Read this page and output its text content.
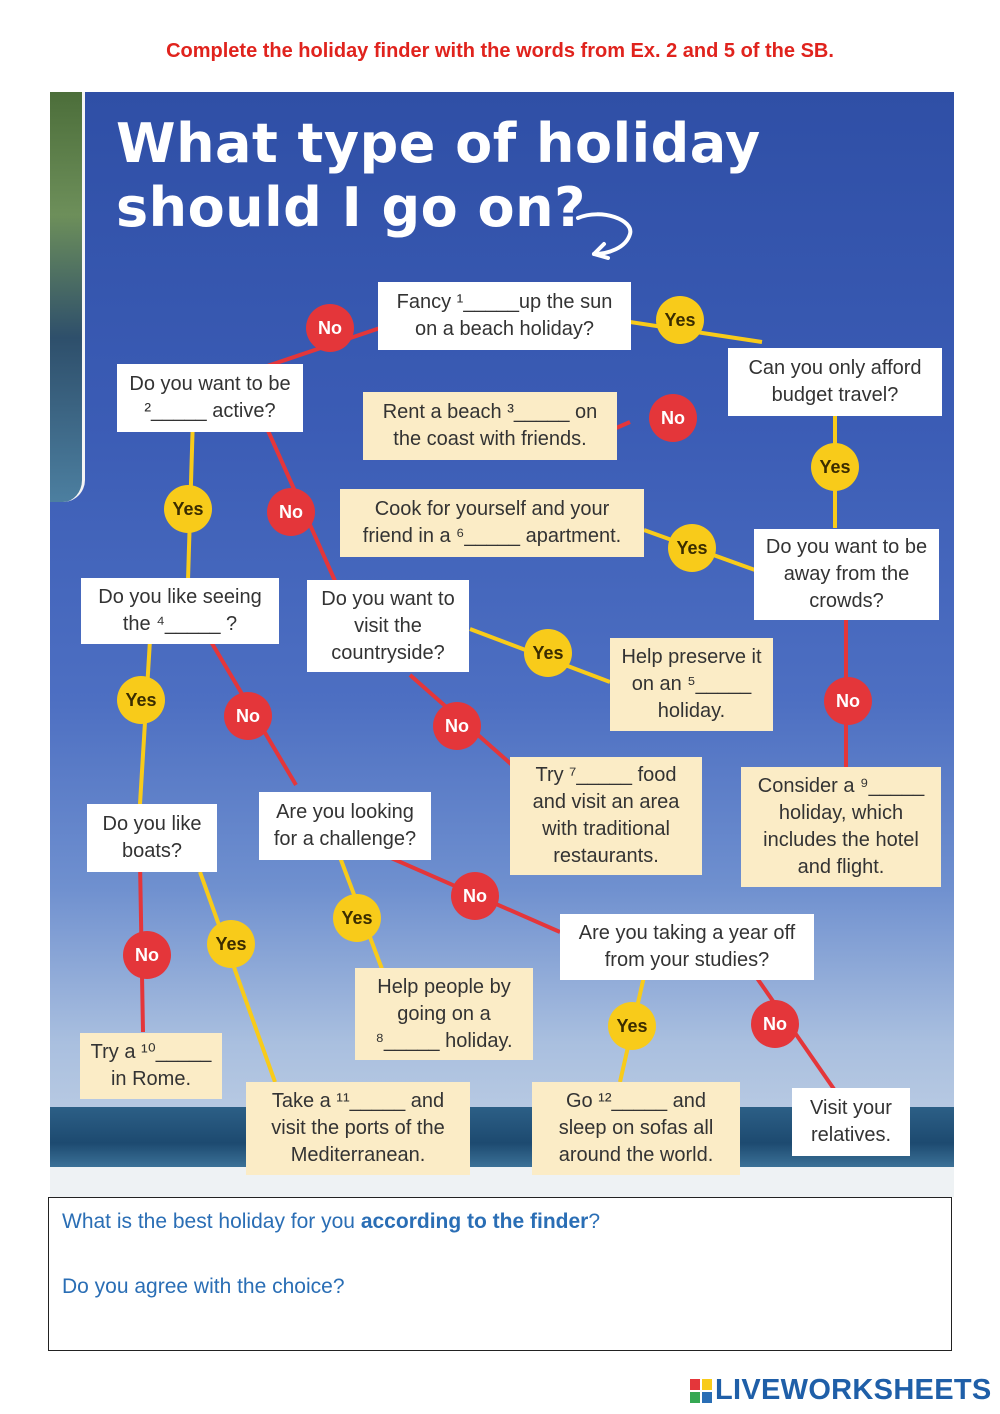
Complete the holiday finder with the words from Ex. 2 and 5 of the SB.
What type of holiday
should I go on?
Fancy ¹_____up the sun on a beach holiday?
Do you want to be ²_____ active?
Can you only afford budget travel?
Rent a beach ³_____ on the coast with friends.
Cook for yourself and your friend in a ⁶_____ apartment.	Do you want to be away from the crowds?
Do you like seeing the ⁴_____ ?
Do you want to visit the countryside?	Help preserve it on an ⁵_____ holiday.
Try ⁷_____ food and visit an area with traditional restaurants.
Consider a ⁹_____ holiday, which includes the hotel and flight.
Do you like boats?
Are you looking for a challenge?
Are you taking a year off from your studies?
Help people by going on a ⁸_____ holiday.
Try a ¹⁰_____ in Rome.
Take a ¹¹_____ and visit the ports of the Mediterranean.
Go ¹²_____ and sleep on sofas all around the world.
Visit your relatives.
No	Yes
No
Yes
Yes	No
Yes
Yes
Yes
No
No
No
No
Yes
No
Yes
Yes	No

What is the best holiday for you according to the finder?

Do you agree with the choice?

LIVEWORKSHEETS
